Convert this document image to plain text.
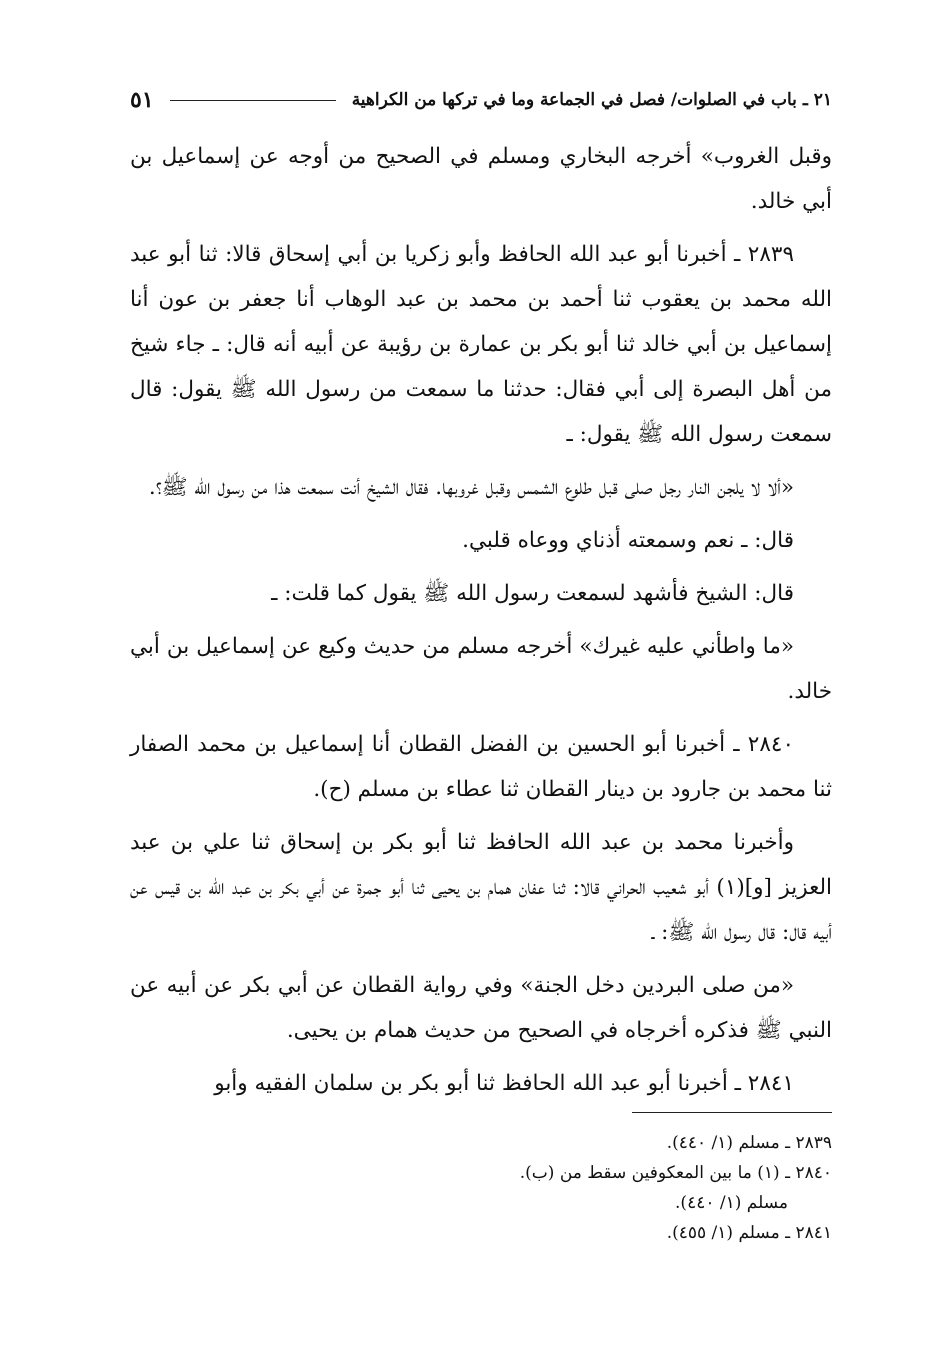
٢١ ـ باب في الصلوات/ فصل في الجماعة وما في تركها من الكراهية
٥١

وقبل الغروب» أخرجه البخاري ومسلم في الصحيح من أوجه عن إسماعيل بن أبي خالد.

٢٨٣٩ ـ أخبرنا أبو عبد الله الحافظ وأبو زكريا بن أبي إسحاق قالا: ثنا أبو عبد الله محمد بن يعقوب ثنا أحمد بن محمد بن عبد الوهاب أنا جعفر بن عون أنا إسماعيل بن أبي خالد ثنا أبو بكر بن عمارة بن رؤيبة عن أبيه أنه قال: ـ جاء شيخ من أهل البصرة إلى أبي فقال: حدثنا ما سمعت من رسول الله ﷺ يقول: قال سمعت رسول الله ﷺ يقول: ـ

«ألا لا يلجن النار رجل صلى قبل طلوع الشمس وقبل غروبها. فقال الشيخ أنت سمعت هذا من رسول الله ﷺ؟.

قال: ـ نعم وسمعته أذناي ووعاه قلبي.

قال: الشيخ فأشهد لسمعت رسول الله ﷺ يقول كما قلت: ـ

«ما واطأني عليه غيرك» أخرجه مسلم من حديث وكيع عن إسماعيل بن أبي خالد.

٢٨٤٠ ـ أخبرنا أبو الحسين بن الفضل القطان أنا إسماعيل بن محمد الصفار ثنا محمد بن جارود بن دينار القطان ثنا عطاء بن مسلم (ح).

وأخبرنا محمد بن عبد الله الحافظ ثنا أبو بكر بن إسحاق ثنا علي بن عبد العزيز [و](١) أبو شعيب الحراني قالا: ثنا عفان همام بن يحيى ثنا أبو جمرة عن أبي بكر بن عبد الله بن قيس عن أبيه قال: قال رسول الله ﷺ: ـ

«من صلى البردين دخل الجنة» وفي رواية القطان عن أبي بكر عن أبيه عن النبي ﷺ فذكره أخرجاه في الصحيح من حديث همام بن يحيى.

٢٨٤١ ـ أخبرنا أبو عبد الله الحافظ ثنا أبو بكر بن سلمان الفقيه وأبو

٢٨٣٩ ـ مسلم (١/ ٤٤٠).
٢٨٤٠ ـ (١) ما بين المعكوفين سقط من (ب).
مسلم (١/ ٤٤٠).
٢٨٤١ ـ مسلم (١/ ٤٥٥).
